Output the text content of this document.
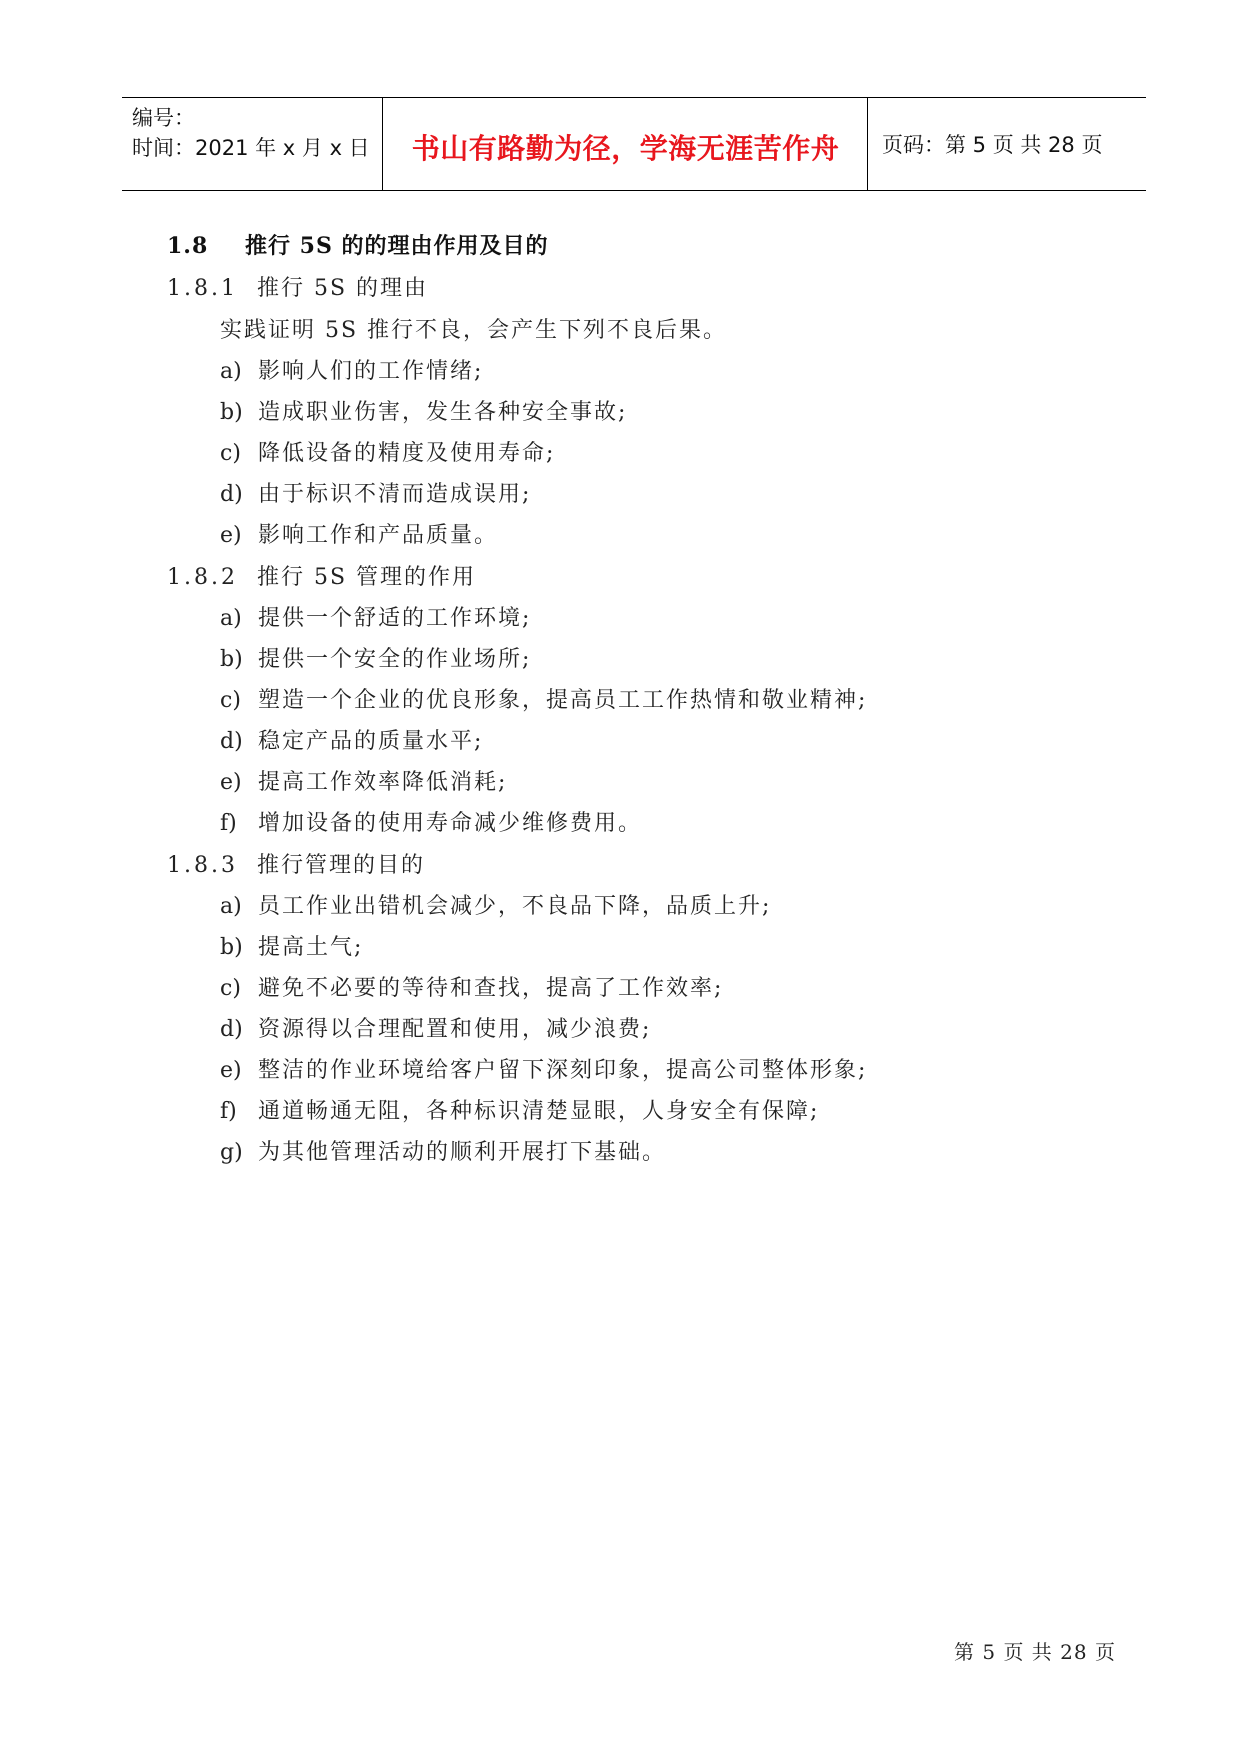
编号：
时间：2021 年 x 月 x 日	书山有路勤为径，学海无涯苦作舟	页码：第 5 页 共 28 页
1.8 推行 5S 的的理由作用及目的
1.8.1 推行 5S 的理由
实践证明 5S 推行不良，会产生下列不良后果。
a) 影响人们的工作情绪;
b) 造成职业伤害，发生各种安全事故;
c) 降低设备的精度及使用寿命;
d) 由于标识不清而造成误用;
e) 影响工作和产品质量。
1.8.2 推行 5S 管理的作用
a) 提供一个舒适的工作环境;
b) 提供一个安全的作业场所;
c) 塑造一个企业的优良形象，提高员工工作热情和敬业精神;
d) 稳定产品的质量水平;
e) 提高工作效率降低消耗;
f) 增加设备的使用寿命减少维修费用。
1.8.3 推行管理的目的
a) 员工作业出错机会减少，不良品下降，品质上升;
b) 提高土气;
c) 避免不必要的等待和查找，提高了工作效率;
d) 资源得以合理配置和使用，减少浪费;
e) 整洁的作业环境给客户留下深刻印象，提高公司整体形象;
f) 通道畅通无阻，各种标识清楚显眼，人身安全有保障;
g) 为其他管理活动的顺利开展打下基础。
第 5 页 共 28 页
